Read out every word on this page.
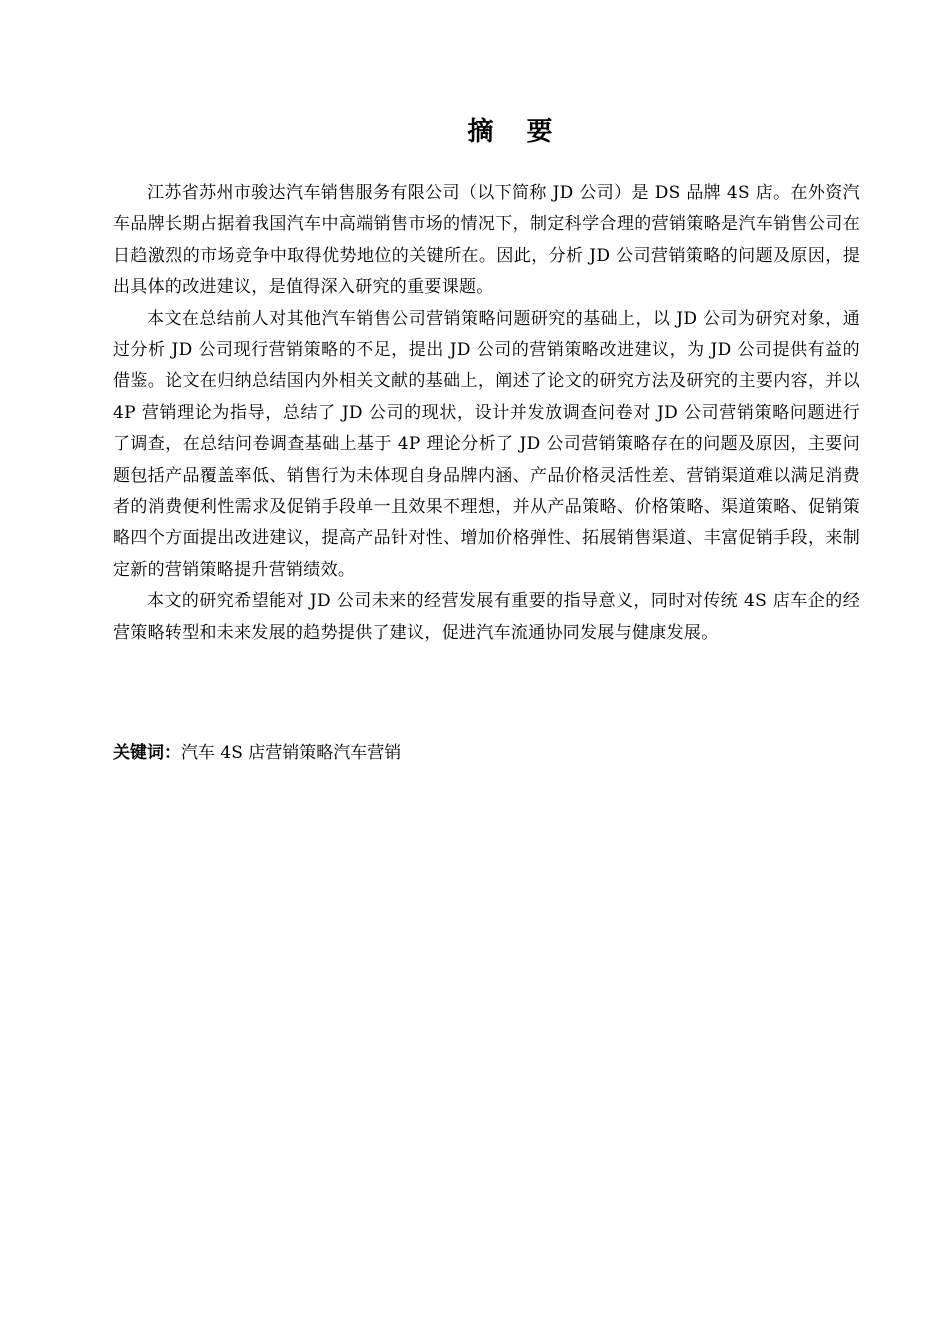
摘 要

江苏省苏州市骏达汽车销售服务有限公司（以下简称 JD 公司）是 DS 品牌 4S 店。在外资汽车品牌长期占据着我国汽车中高端销售市场的情况下，制定科学合理的营销策略是汽车销售公司在日趋激烈的市场竞争中取得优势地位的关键所在。因此，分析 JD 公司营销策略的问题及原因，提出具体的改进建议，是值得深入研究的重要课题。

本文在总结前人对其他汽车销售公司营销策略问题研究的基础上，以 JD 公司为研究对象，通过分析 JD 公司现行营销策略的不足，提出 JD 公司的营销策略改进建议，为 JD 公司提供有益的借鉴。论文在归纳总结国内外相关文献的基础上，阐述了论文的研究方法及研究的主要内容，并以 4P 营销理论为指导，总结了 JD 公司的现状，设计并发放调查问卷对 JD 公司营销策略问题进行了调查，在总结问卷调查基础上基于 4P 理论分析了 JD 公司营销策略存在的问题及原因，主要问题包括产品覆盖率低、销售行为未体现自身品牌内涵、产品价格灵活性差、营销渠道难以满足消费者的消费便利性需求及促销手段单一且效果不理想，并从产品策略、价格策略、渠道策略、促销策略四个方面提出改进建议，提高产品针对性、增加价格弹性、拓展销售渠道、丰富促销手段，来制定新的营销策略提升营销绩效。

本文的研究希望能对 JD 公司未来的经营发展有重要的指导意义，同时对传统 4S 店车企的经营策略转型和未来发展的趋势提供了建议，促进汽车流通协同发展与健康发展。

关键词：汽车 4S 店营销策略汽车营销
